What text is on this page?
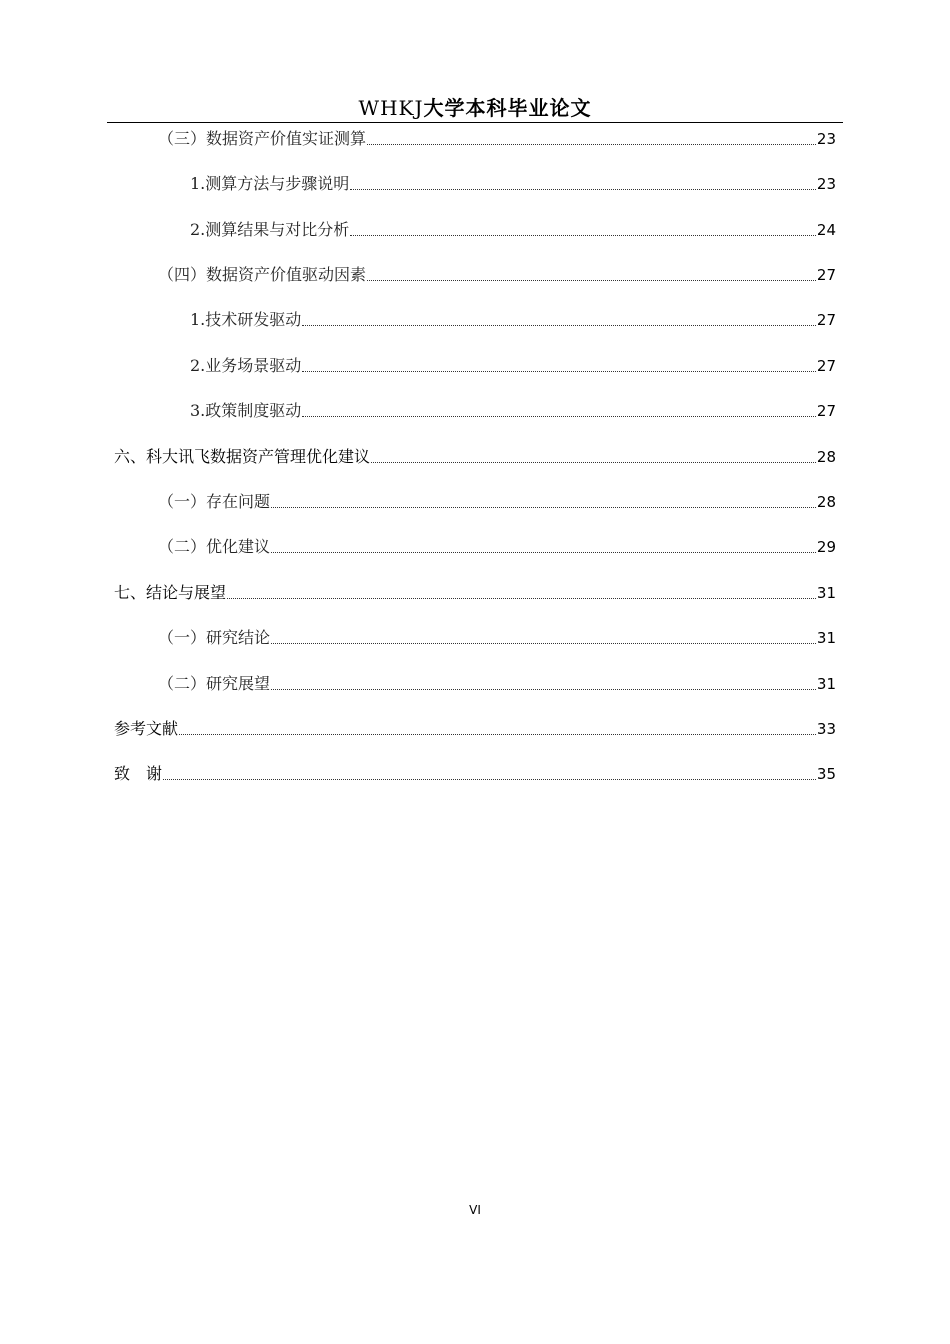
WHKJ大学本科毕业论文
（三）数据资产价值实证测算	23
1.测算方法与步骤说明	23
2.测算结果与对比分析	24
（四）数据资产价值驱动因素	27
1.技术研发驱动	27
2.业务场景驱动	27
3.政策制度驱动	27
六、科大讯飞数据资产管理优化建议	28
（一）存在问题	28
（二）优化建议	29
七、结论与展望	31
（一）研究结论	31
（二）研究展望	31
参考文献	33
致　谢	35
VI
